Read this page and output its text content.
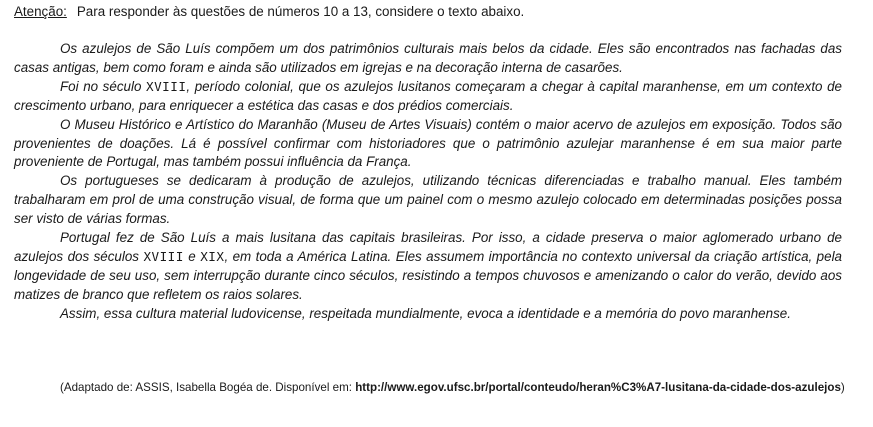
Atenção: Para responder às questões de números 10 a 13, considere o texto abaixo.

Os azulejos de São Luís compõem um dos patrimônios culturais mais belos da cidade. Eles são encontrados nas fachadas das casas antigas, bem como foram e ainda são utilizados em igrejas e na decoração interna de casarões.

Foi no século XVIII, período colonial, que os azulejos lusitanos começaram a chegar à capital maranhense, em um contexto de crescimento urbano, para enriquecer a estética das casas e dos prédios comerciais.

O Museu Histórico e Artístico do Maranhão (Museu de Artes Visuais) contém o maior acervo de azulejos em exposição. Todos são provenientes de doações. Lá é possível confirmar com historiadores que o patrimônio azulejar maranhense é em sua maior parte proveniente de Portugal, mas também possui influência da França.

Os portugueses se dedicaram à produção de azulejos, utilizando técnicas diferenciadas e trabalho manual. Eles também trabalharam em prol de uma construção visual, de forma que um painel com o mesmo azulejo colocado em determinadas posições possa ser visto de várias formas.

Portugal fez de São Luís a mais lusitana das capitais brasileiras. Por isso, a cidade preserva o maior aglomerado urbano de azulejos dos séculos XVIII e XIX, em toda a América Latina. Eles assumem importância no contexto universal da criação artística, pela longevidade de seu uso, sem interrupção durante cinco séculos, resistindo a tempos chuvosos e amenizando o calor do verão, devido aos matizes de branco que refletem os raios solares.

Assim, essa cultura material ludovicense, respeitada mundialmente, evoca a identidade e a memória do povo maranhense.

(Adaptado de: ASSIS, Isabella Bogéa de. Disponível em: http://www.egov.ufsc.br/portal/conteudo/heran%C3%A7-lusitana-da-cidade-dos-azulejos)
